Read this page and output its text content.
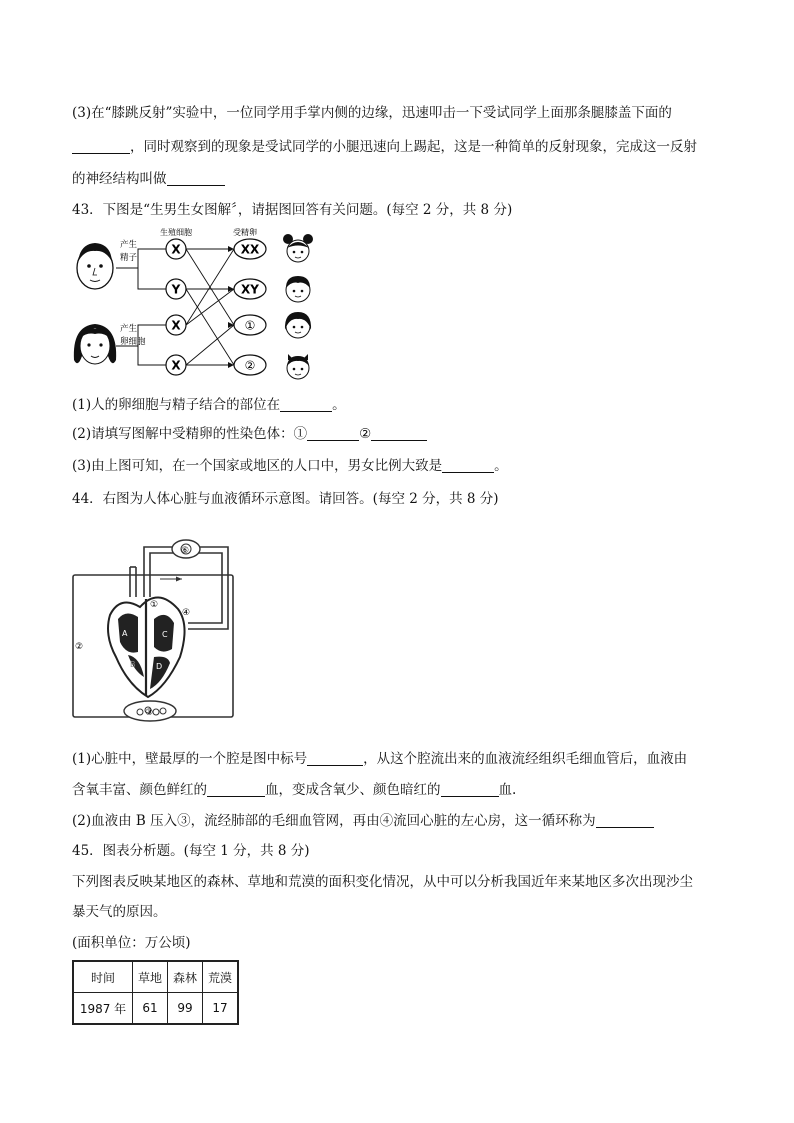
(3)在“膝跳反射”实验中，一位同学用手掌内侧的边缘，迅速叩击一下受试同学上面那条腿膝盖下面的
，同时观察到的现象是受试同学的小腿迅速向上踢起，这是一种简单的反射现象，完成这一反射
的神经结构叫做
43．下图是“生男生女图解〞，请据图回答有关问题。(每空 2 分，共 8 分)
产生
精子
产生
卵细胞
生殖细胞	受精卵
X
Y
X
X
XX
XY
①
②
(1)人的卵细胞与精子结合的部位在	。
(2)请填写图解中受精卵的性染色体：①	②
(3)由上图可知，在一个国家或地区的人口中，男女比例大致是	。
44．右图为人体心脏与血液循环示意图。请回答。(每空 2 分，共 8 分)
⑥
①
④
②
③
A
B
C
D
(1)心脏中，壁最厚的一个腔是图中标号	，从这个腔流出来的血液流经组织毛细血管后，血液由
含氧丰富、颜色鲜红的	血，变成含氧少、颜色暗红的	血.
(2)血液由 B 压入③，流经肺部的毛细血管网，再由④流回心脏的左心房，这一循环称为
45．图表分析题。(每空 1 分，共 8 分)
下列图表反映某地区的森林、草地和荒漠的面积变化情况，从中可以分析我国近年来某地区多次出现沙尘
暴天气的原因。
(面积单位：万公顷)
时间	草地	森林	荒漠
1987 年	61	99	17
